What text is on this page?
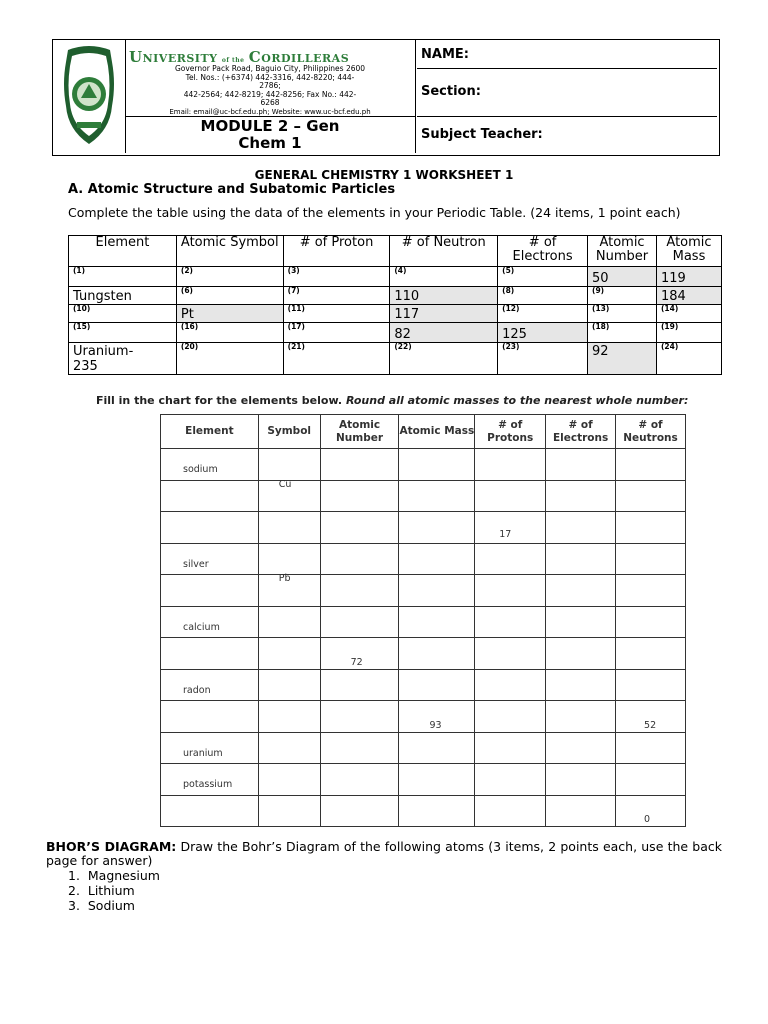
UNIVERSITY of the CORDILLERAS
Governor Pack Road, Baguio City, Philippines 2600
Tel. Nos.: (+6374) 442-3316, 442-8220; 444-
2786;
442-2564; 442-8219; 442-8256; Fax No.: 442-
6268
Email: email@uc-bcf.edu.ph; Website: www.uc-bcf.edu.ph
MODULE 2 – Gen
Chem 1
NAME:
Section:
Subject Teacher:
GENERAL CHEMISTRY 1 WORKSHEET 1
A. Atomic Structure and Subatomic Particles
Complete the table using the data of the elements in your Periodic Table. (24 items, 1 point each)
Element	Atomic Symbol	# of Proton	# of Neutron	# of Electrons	Atomic Number	Atomic Mass

(1)	(2)	(3)	(4)	(5)	50	119

Tungsten	(6)	(7)	110	(8)	(9)	184

(10)	Pt	(11)	117	(12)	(13)	(14)

(15)	(16)	(17)	82	125	(18)	(19)

Uranium-235	(20)	(21)	(22)	(23)	92	(24)
Fill in the chart for the elements below. Round all atomic masses to the nearest whole number:
Element	Symbol	Atomic Number	Atomic Mass	# of Protons	# of Electrons	# of Neutrons

sodium						

	Cu					

				17		

silver						

	Pb					

calcium						

		72				

radon						

			93			52

uranium						

potassium						

						0
BHOR’S DIAGRAM: Draw the Bohr’s Diagram of the following atoms (3 items, 2 points each, use the back page for answer)
1.  Magnesium
2.  Lithium
3.  Sodium
